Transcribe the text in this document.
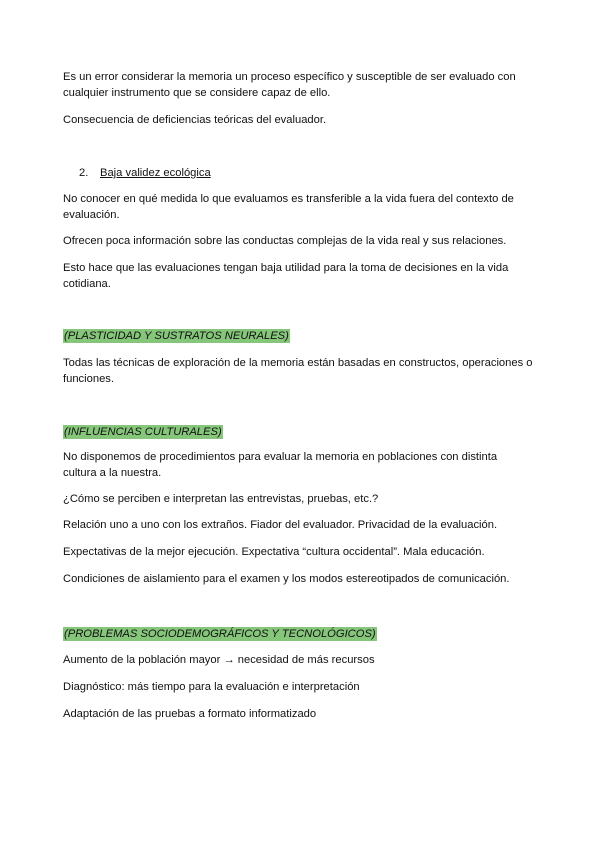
Es un error considerar la memoria un proceso específico y susceptible de ser evaluado con cualquier instrumento que se considere capaz de ello.

Consecuencia de deficiencias teóricas del evaluador.

2. Baja validez ecológica

No conocer en qué medida lo que evaluamos es transferible a la vida fuera del contexto de evaluación.

Ofrecen poca información sobre las conductas complejas de la vida real y sus relaciones.

Esto hace que las evaluaciones tengan baja utilidad para la toma de decisiones en la vida cotidiana.

(PLASTICIDAD Y SUSTRATOS NEURALES)

Todas las técnicas de exploración de la memoria están basadas en constructos, operaciones o funciones.

(INFLUENCIAS CULTURALES)

No disponemos de procedimientos para evaluar la memoria en poblaciones con distinta cultura a la nuestra.

¿Cómo se perciben e interpretan las entrevistas, pruebas, etc.?

Relación uno a uno con los extraños. Fiador del evaluador. Privacidad de la evaluación.

Expectativas de la mejor ejecución. Expectativa “cultura occidental”. Mala educación.

Condiciones de aislamiento para el examen y los modos estereotipados de comunicación.

(PROBLEMAS SOCIODEMOGRÁFICOS Y TECNOLÓGICOS)

Aumento de la población mayor → necesidad de más recursos

Diagnóstico: más tiempo para la evaluación e interpretación

Adaptación de las pruebas a formato informatizado
